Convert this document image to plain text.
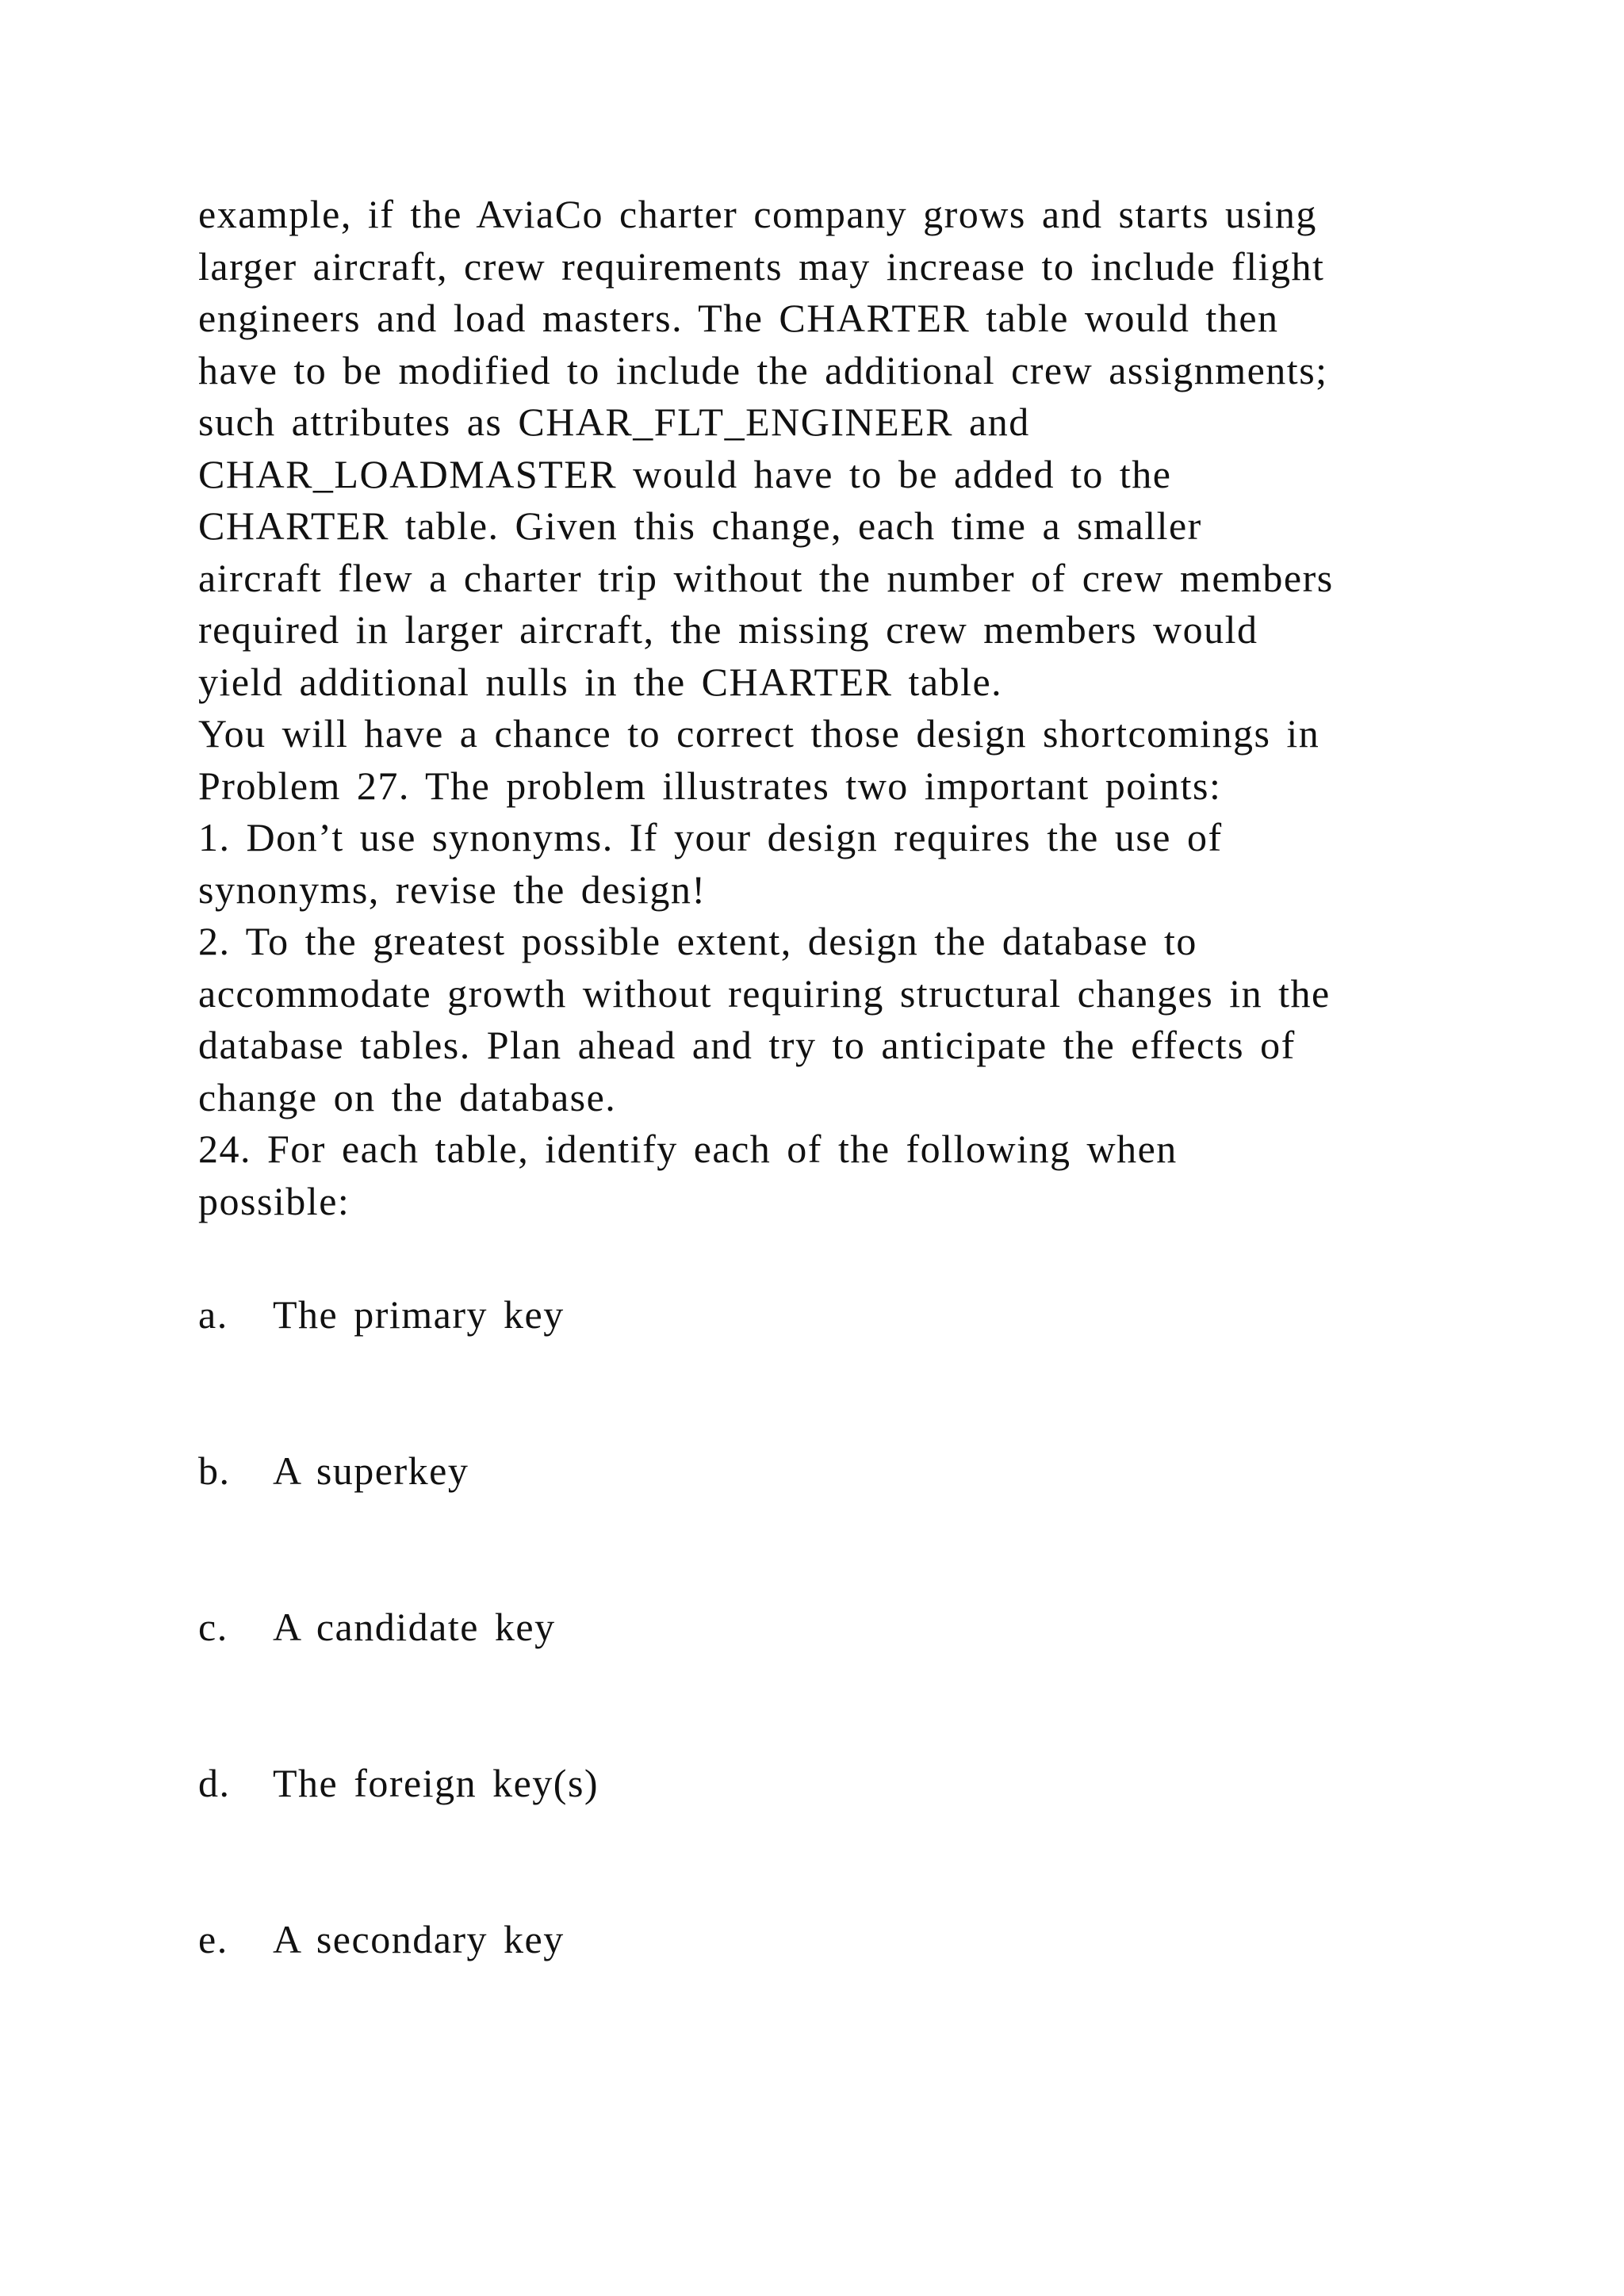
example, if the AviaCo charter company grows and starts using
larger aircraft, crew requirements may increase to include flight
engineers and load masters. The CHARTER table would then
have to be modified to include the additional crew assignments;
such attributes as CHAR_FLT_ENGINEER and
CHAR_LOADMASTER would have to be added to the
CHARTER table. Given this change, each time a smaller
aircraft flew a charter trip without the number of crew members
required in larger aircraft, the missing crew members would
yield additional nulls in the CHARTER table.
You will have a chance to correct those design shortcomings in
Problem 27. The problem illustrates two important points:
1. Don’t use synonyms. If your design requires the use of
synonyms, revise the design!
2. To the greatest possible extent, design the database to
accommodate growth without requiring structural changes in the
database tables. Plan ahead and try to anticipate the effects of
change on the database.
24. For each table, identify each of the following when
possible:
a.	The primary key
b.	A superkey
c.	A candidate key
d.	The foreign key(s)
e.	A secondary key
